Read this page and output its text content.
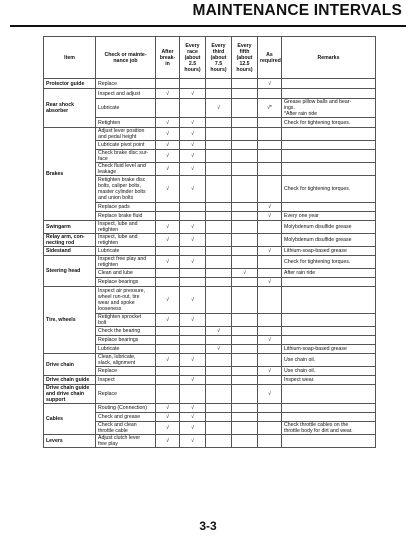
MAINTENANCE INTERVALS
Item	Check or mainte-
nance job	After
break-in	Every
race
(about
2.5
hours)	Every
third
(about
7.5
hours)	Every
fifth
(about
12.5
hours)	As
required	Remarks
Protector guide	Replace					√	
Rear shock
absorber	Inspect and adjust	√	√				
	Lubricate			√		√*	Grease pillow balls and bear-
ings.
*After rain ride
	Retighten	√	√				Check for tightening torques.
Brakes	Adjust lever position
and pedal height	√	√				
	Lubricate pivot point	√	√				
	Check brake disc sur-
face	√	√				
	Check fluid level and
leakage	√	√				
	Retighten brake disc
bolts, caliper bolts,
master cylinder bolts
and union bolts	√	√				Check for tightening torques.
	Replace pads					√	
	Replace brake fluid					√	Every one year
Swingarm	Inspect, lube and
retighten	√	√				Molybdenum disulfide grease
Relay arm, con-
necting rod	Inspect, lube and
retighten	√	√				Molybdenum disulfide grease
Sidestand	Lubricate					√	Lithium-soap-based grease
Steering head	Inspect free play and
retighten	√	√				Check for tightening torques.
	Clean and lube				√		After rain ride
	Replace bearings					√	
Tire, wheels	Inspect air pressure,
wheel run-out, tire
wear and spoke
looseness	√	√				
	Retighten sprocket
bolt	√	√				
	Check the bearing			√			
	Replace bearings					√	
	Lubricate			√			Lithium-soap-based grease
Drive chain	Clean, lubricate,
slack, alignment	√	√				Use chain oil.
	Replace					√	Use chain oil.
Drive chain guide	Inspect		√				Inspect wear.
Drive chain guide
and drive chain
support	Replace					√	
Cables	Routing (Connection)	√	√				
	Check and grease	√	√				
	Check and clean
throttle cable	√	√				Check throttle cables on the
throttle body for dirt and wear.
Levers	Adjust clutch lever
free play	√	√				
3-3
